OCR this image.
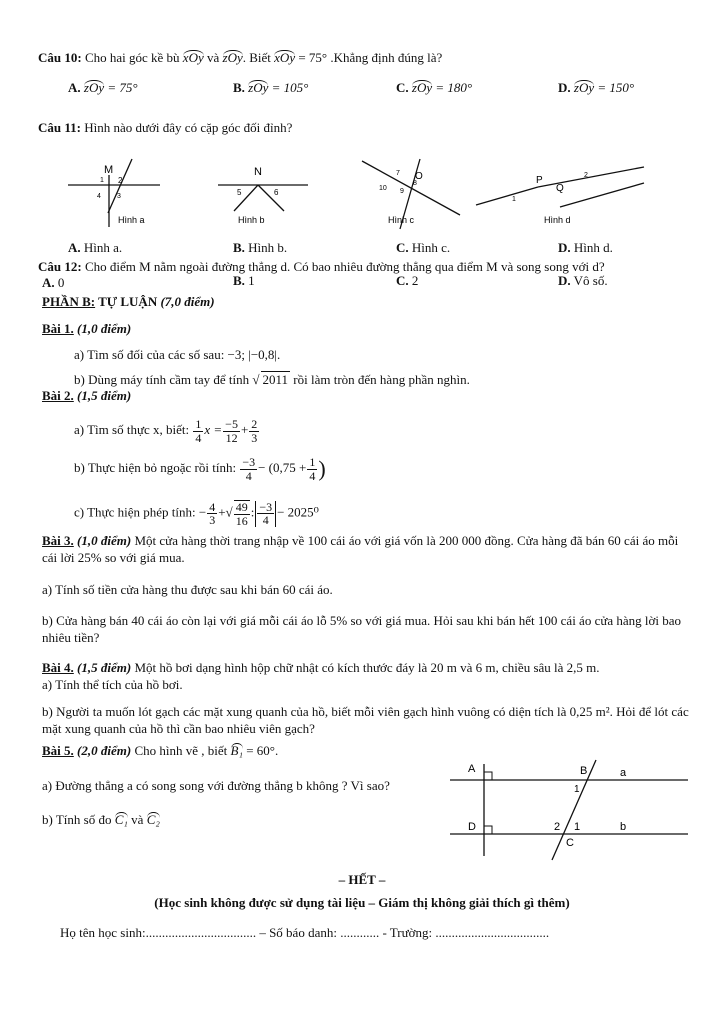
Câu 10: Cho hai góc kề bù xOy và zOy. Biết xOy = 75° .Khẳng định đúng là?
A. zOy = 75°	B. zOy = 105°	C. zOy = 180°	D. zOy = 150°
Câu 11: Hình nào dưới đây có cặp góc đối đỉnh?
M
1 2
4 3
Hình a
N
5	6
Hình b
O
7
8
10 9
Hình c
P
Q
2
1
Hình d
A. Hình a.	B. Hình b.	C. Hình c.	D. Hình d.
Câu 12: Cho điểm M nằm ngoài đường thẳng d. Có bao nhiêu đường thẳng qua điểm M và song song với d?
A. 0	B. 1	C. 2	D. Vô số.
PHẦN B: TỰ LUẬN (7,0 điểm)
Bài 1. (1,0 điểm)
a) Tìm số đối của các số sau: −3; |−0,8|.
b) Dùng máy tính cầm tay để tính √ 2011 rồi làm tròn đến hàng phần nghìn.
Bài 2. (1,5 điểm)
a) Tìm số thực x, biết: $\frac{1}{4}$ $x = \frac{-5}{12} + \frac{2}{3}$
b) Thực hiện bỏ ngoặc rồi tính: $\frac{-3}{4} - (0,75 + \frac{1}{4}$ )
c) Thực hiện phép tính: − $\frac{4}{3}$ +√ $\frac{49}{16}$ : $\frac{-3}{4} - 2025^0$
Bài 3. (1,0 điểm) Một cửa hàng thời trang nhập về 100 cái áo với giá vốn là 200 000 đồng. Cửa hàng đã bán 60 cái áo mỗi cái lời 25% so với giá mua.
a) Tính số tiền cửa hàng thu được sau khi bán 60 cái áo.
b) Cửa hàng bán 40 cái áo còn lại với giá mỗi cái áo lỗ 5% so với giá mua. Hỏi sau khi bán hết 100 cái áo cửa hàng lời bao nhiêu tiền?
Bài 4. (1,5 điểm) Một hồ bơi dạng hình hộp chữ nhật có kích thước đáy là 20 m và 6 m, chiều sâu là 2,5 m.
a) Tính thể tích của hồ bơi.
b) Người ta muốn lót gạch các mặt xung quanh của hồ, biết mỗi viên gạch hình vuông có diện tích là 0,25 m². Hỏi để lót các mặt xung quanh của hồ thì cần bao nhiêu viên gạch?
Bài 5. (2,0 điểm) Cho hình vẽ , biết B₁ = 60°.
a) Đường thẳng a có song song với đường thẳng b không ? Vì sao?
b) Tính số đo C₁ và C₂
A	B	a
1
D	2 1	b
C
– HẾT –
(Học sinh không được sử dụng tài liệu – Giám thị không giải thích gì thêm)
Họ tên học sinh:.................................. – Số báo danh: ............ - Trường: ...................................
